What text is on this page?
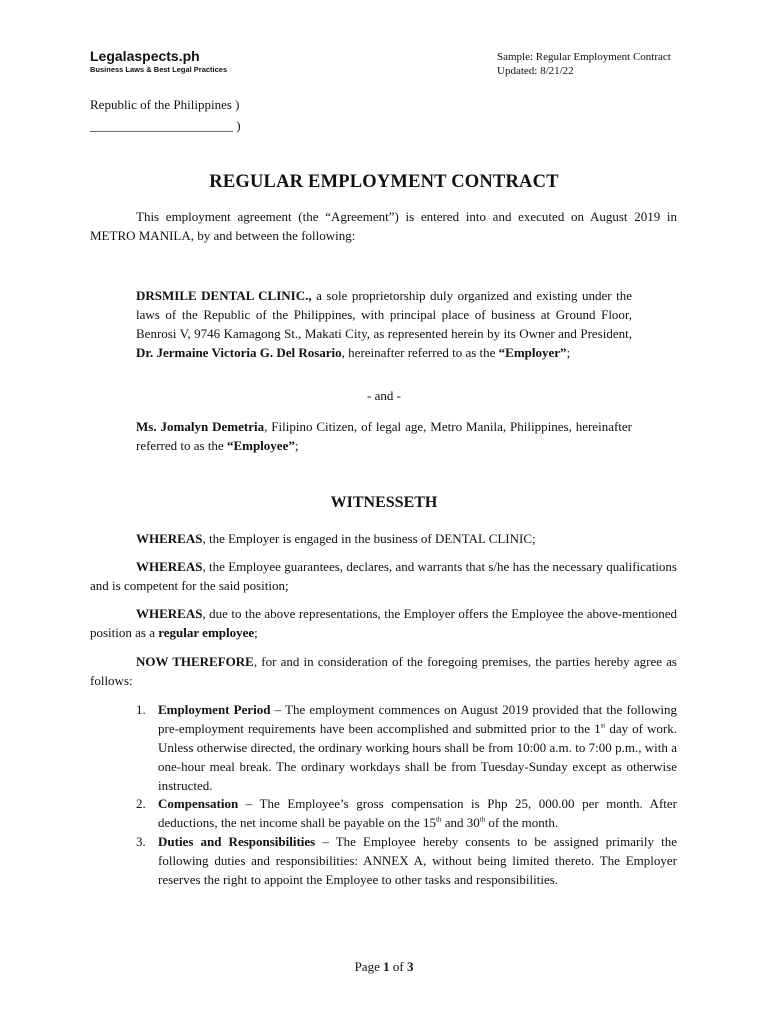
Legalaspects.ph
Business Laws & Best Legal Practices
Sample: Regular Employment Contract
Updated: 8/21/22
Republic of the Philippines )
______________________ )
REGULAR EMPLOYMENT CONTRACT
This employment agreement (the “Agreement”) is entered into and executed on August 2019 in METRO MANILA, by and between the following:
DRSMILE DENTAL CLINIC., a sole proprietorship duly organized and existing under the laws of the Republic of the Philippines, with principal place of business at Ground Floor, Benrosi V, 9746 Kamagong St., Makati City, as represented herein by its Owner and President, Dr. Jermaine Victoria G. Del Rosario, hereinafter referred to as the “Employer”;
- and -
Ms. Jomalyn Demetria, Filipino Citizen, of legal age, Metro Manila, Philippines, hereinafter referred to as the “Employee”;
WITNESSETH
WHEREAS, the Employer is engaged in the business of DENTAL CLINIC;
WHEREAS, the Employee guarantees, declares, and warrants that s/he has the necessary qualifications and is competent for the said position;
WHEREAS, due to the above representations, the Employer offers the Employee the above-mentioned position as a regular employee;
NOW THEREFORE, for and in consideration of the foregoing premises, the parties hereby agree as follows:
1. Employment Period – The employment commences on August 2019 provided that the following pre-employment requirements have been accomplished and submitted prior to the 1st day of work. Unless otherwise directed, the ordinary working hours shall be from 10:00 a.m. to 7:00 p.m., with a one-hour meal break. The ordinary workdays shall be from Tuesday-Sunday except as otherwise instructed.
2. Compensation – The Employee’s gross compensation is Php 25, 000.00 per month. After deductions, the net income shall be payable on the 15th and 30th of the month.
3. Duties and Responsibilities – The Employee hereby consents to be assigned primarily the following duties and responsibilities: ANNEX A, without being limited thereto. The Employer reserves the right to appoint the Employee to other tasks and responsibilities.
Page 1 of 3
